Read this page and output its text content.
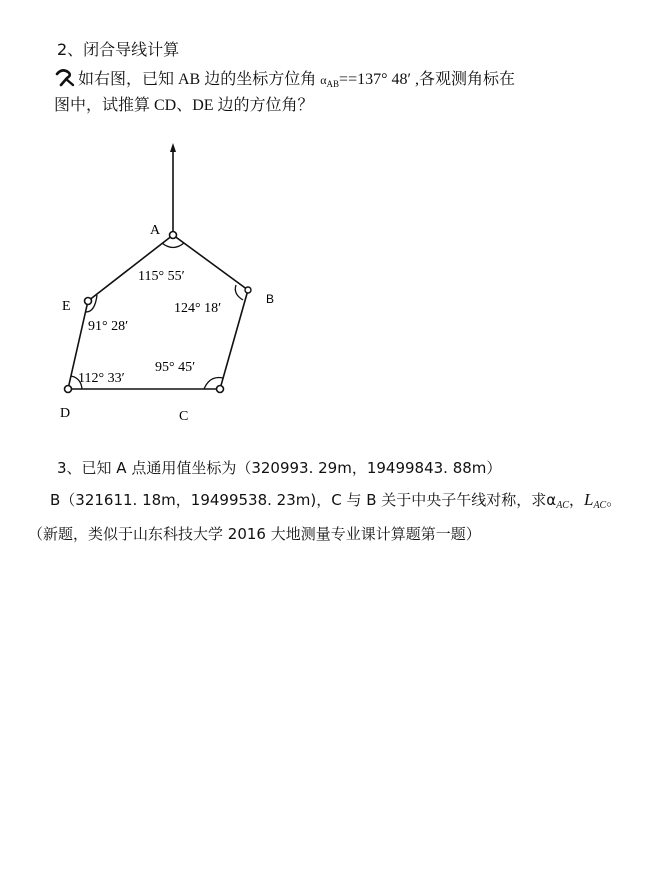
2、闭合导线计算
如右图，已知 AB 边的坐标方位角 αAB==137° 48′ ,各观测角标在
图中，试推算 CD、DE 边的方位角？
A
B
C
D
E
115° 55′
124° 18′
95° 45′
112° 33′
91° 28′
3、已知 A 点通用值坐标为（320993. 29m，19499843. 88m）
B（321611. 18m，19499538. 23m)，C 与 B 关于中央子午线对称，求$\alpha_{AC}$，$L_{AC}$。
（新题，类似于山东科技大学 2016 大地测量专业课计算题第一题）
